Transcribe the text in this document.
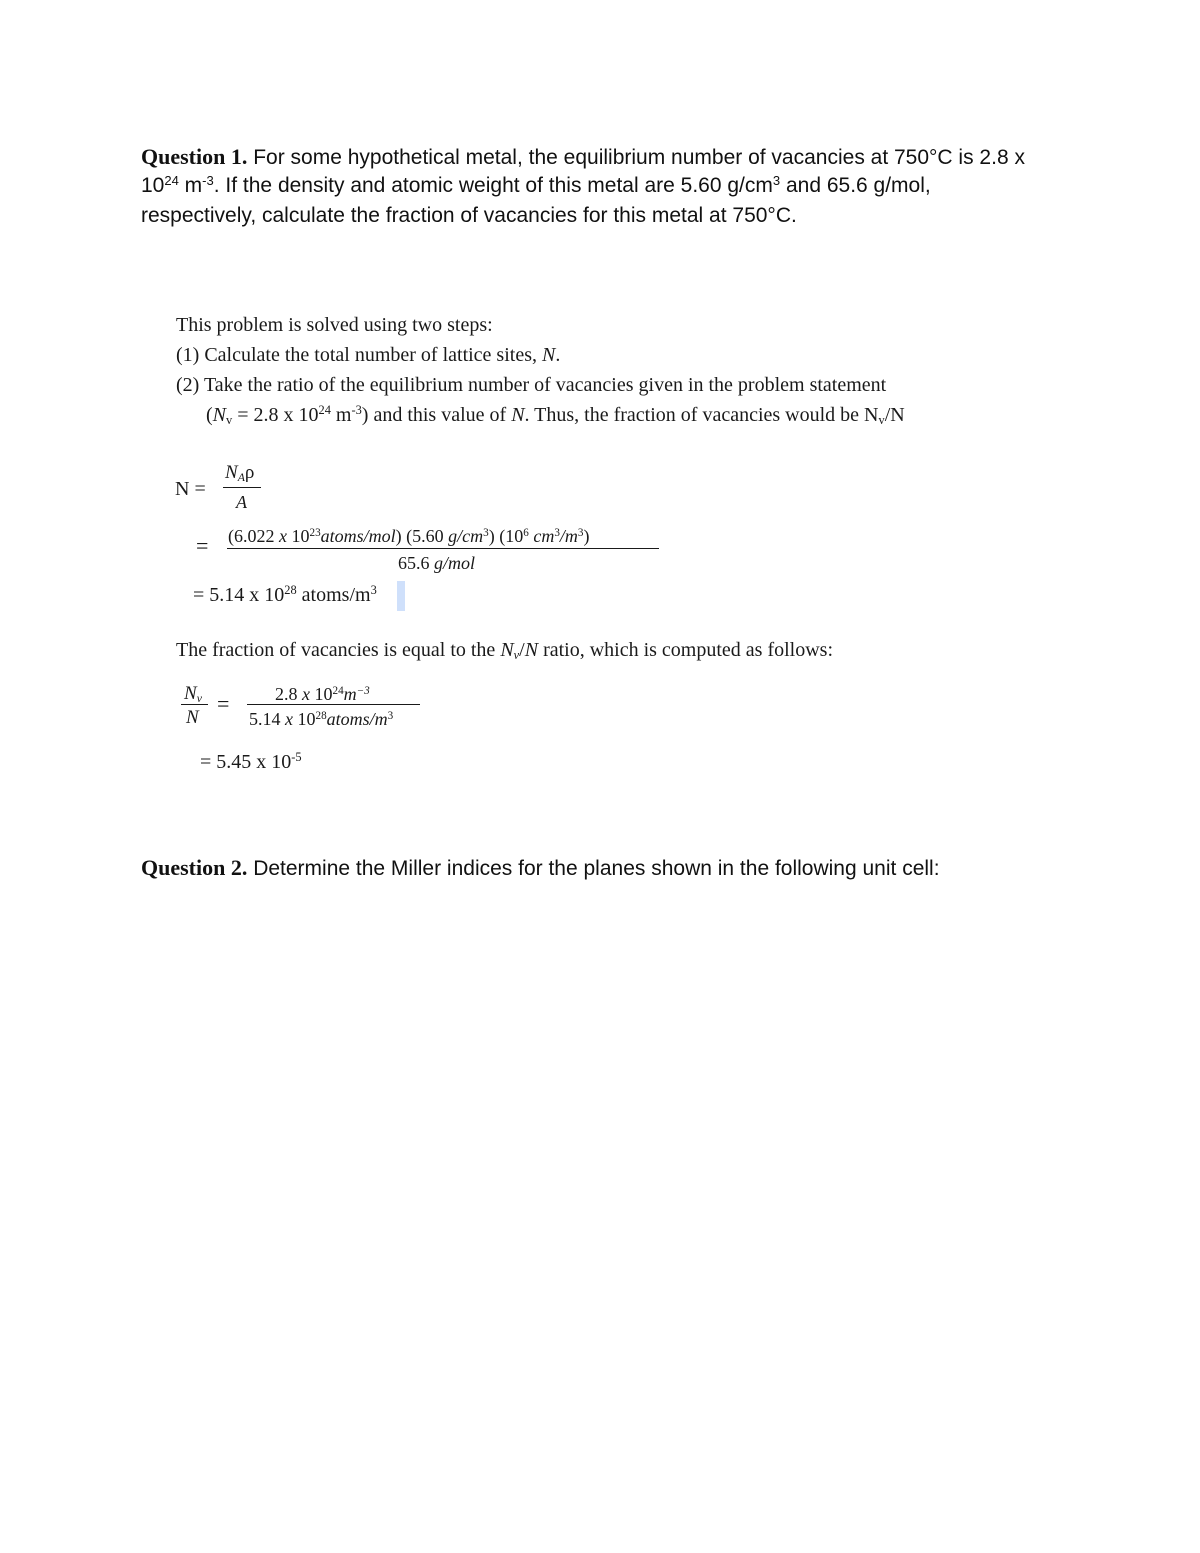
Question 1. For some hypothetical metal, the equilibrium number of vacancies at 750°C is 2.8 x
$10^{24}$ $m^{-3}$. If the density and atomic weight of this metal are 5.60 $g/cm^3$ and 65.6 g/mol,
respectively, calculate the fraction of vacancies for this metal at 750°C.
This problem is solved using two steps:
(1) Calculate the total number of lattice sites, N.
(2) Take the ratio of the equilibrium number of vacancies given in the problem statement
($N_v = 2.8$ x $10^{24}$ $m^{-3}$) and this value of N. Thus, the fraction of vacancies would be $N_v/N$
N =
$N_A\rho$
A
= (6.022 x $10^{23}atoms/mol$) (5.60 $g/cm^3$) ($10^6$ $cm^3/m^3$)
65.6 g/mol
= 5.14 x $10^{28}$ atoms/$m^3$
The fraction of vacancies is equal to the $N_v/N$ ratio, which is computed as follows:
$N_v$
N
=	2.8 x $10^{24}m^{-3}$
5.14 x $10^{28}atoms/m^3$
= 5.45 x $10^{-5}$
Question 2. Determine the Miller indices for the planes shown in the following unit cell:
